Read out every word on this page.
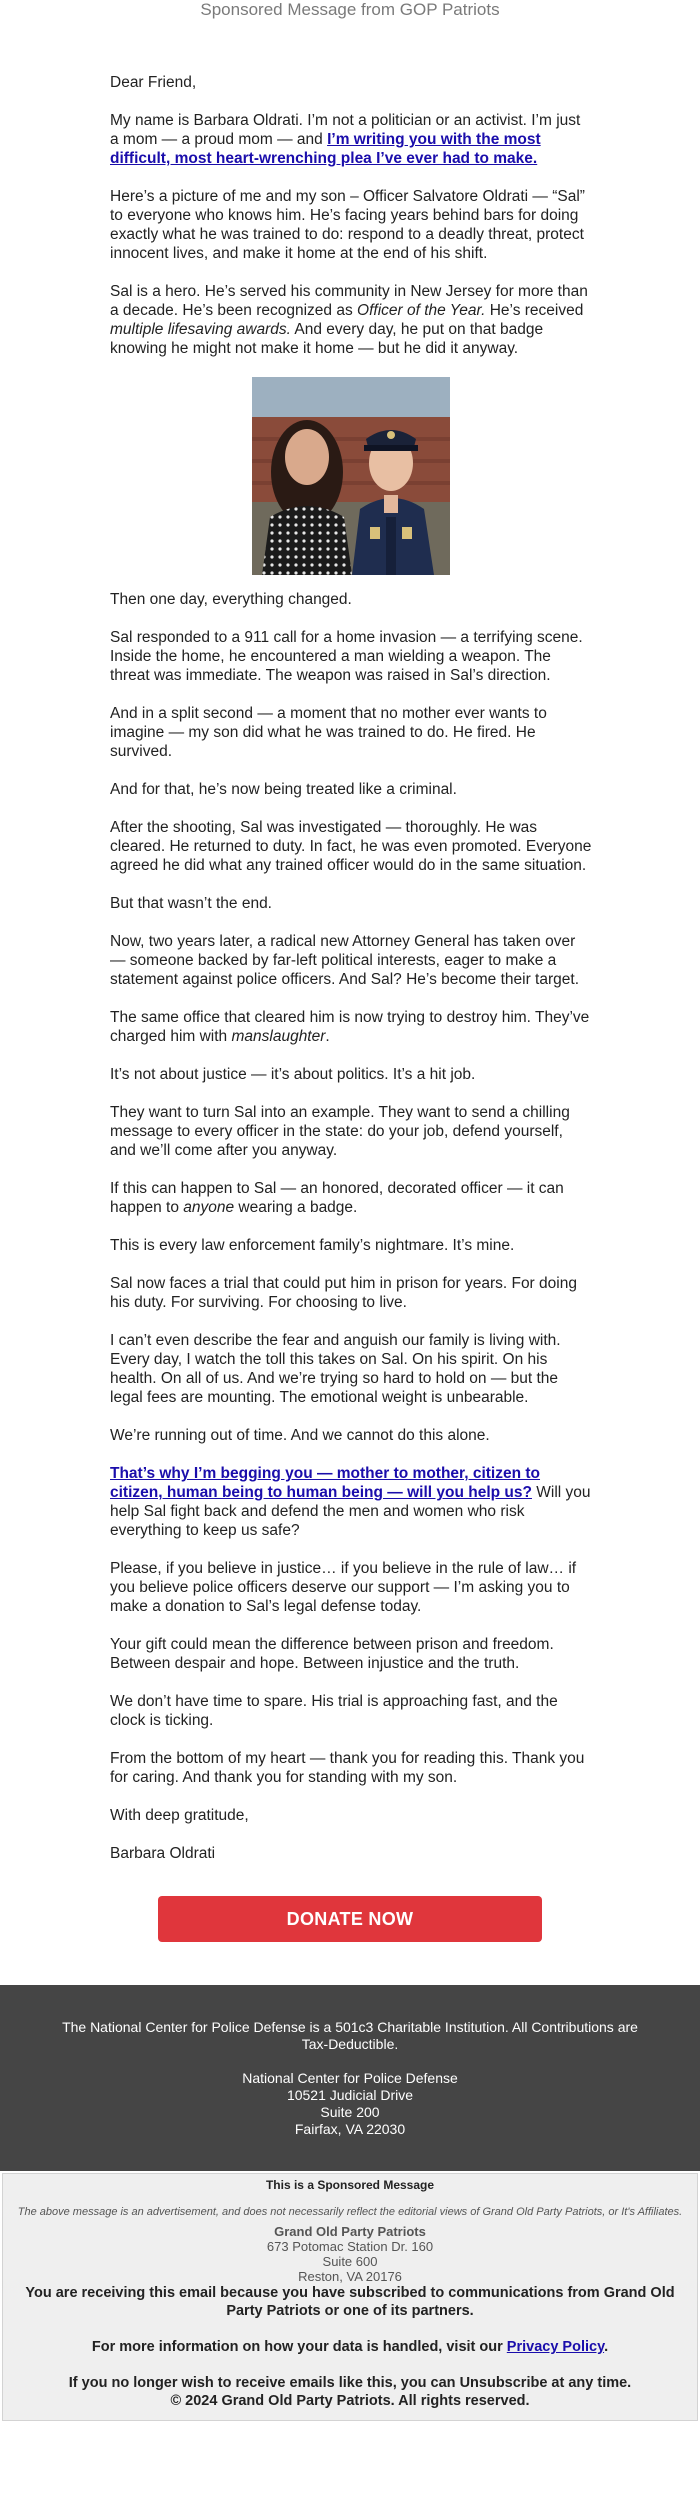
Sponsored Message from GOP Patriots

Dear Friend,

My name is Barbara Oldrati. I’m not a politician or an activist. I’m just a mom — a proud mom — and I’m writing you with the most difficult, most heart-wrenching plea I’ve ever had to make.

Here’s a picture of me and my son – Officer Salvatore Oldrati — “Sal” to everyone who knows him. He’s facing years behind bars for doing exactly what he was trained to do: respond to a deadly threat, protect innocent lives, and make it home at the end of his shift.

Sal is a hero. He’s served his community in New Jersey for more than a decade. He’s been recognized as Officer of the Year. He’s received multiple lifesaving awards. And every day, he put on that badge knowing he might not make it home — but he did it anyway.

Then one day, everything changed.

Sal responded to a 911 call for a home invasion — a terrifying scene. Inside the home, he encountered a man wielding a weapon. The threat was immediate. The weapon was raised in Sal’s direction.

And in a split second — a moment that no mother ever wants to imagine — my son did what he was trained to do. He fired. He survived.

And for that, he’s now being treated like a criminal.

After the shooting, Sal was investigated — thoroughly. He was cleared. He returned to duty. In fact, he was even promoted. Everyone agreed he did what any trained officer would do in the same situation.

But that wasn’t the end.

Now, two years later, a radical new Attorney General has taken over — someone backed by far-left political interests, eager to make a statement against police officers. And Sal? He’s become their target.

The same office that cleared him is now trying to destroy him. They’ve charged him with manslaughter.

It’s not about justice — it’s about politics. It’s a hit job.

They want to turn Sal into an example. They want to send a chilling message to every officer in the state: do your job, defend yourself, and we’ll come after you anyway.

If this can happen to Sal — an honored, decorated officer — it can happen to anyone wearing a badge.

This is every law enforcement family’s nightmare. It’s mine.

Sal now faces a trial that could put him in prison for years. For doing his duty. For surviving. For choosing to live.

I can’t even describe the fear and anguish our family is living with. Every day, I watch the toll this takes on Sal. On his spirit. On his health. On all of us. And we’re trying so hard to hold on — but the legal fees are mounting. The emotional weight is unbearable.

We’re running out of time. And we cannot do this alone.

That’s why I’m begging you — mother to mother, citizen to citizen, human being to human being — will you help us? Will you help Sal fight back and defend the men and women who risk everything to keep us safe?

Please, if you believe in justice… if you believe in the rule of law… if you believe police officers deserve our support — I’m asking you to make a donation to Sal’s legal defense today.

Your gift could mean the difference between prison and freedom. Between despair and hope. Between injustice and the truth.

We don’t have time to spare. His trial is approaching fast, and the clock is ticking.

From the bottom of my heart — thank you for reading this. Thank you for caring. And thank you for standing with my son.

With deep gratitude,

Barbara Oldrati

DONATE NOW
The National Center for Police Defense is a 501c3 Charitable Institution. All Contributions are Tax-Deductible.

National Center for Police Defense

10521 Judicial Drive

Suite 200

Fairfax, VA 22030

This is a Sponsored Message
The above message is an advertisement, and does not necessarily reflect the editorial views of Grand Old Party Patriots, or It's Affiliates.
Grand Old Party Patriots
673 Potomac Station Dr. 160
Suite 600
Reston, VA 20176

You are receiving this email because you have subscribed to communications from Grand Old Party Patriots or one of its partners.

For more information on how your data is handled, visit our Privacy Policy.

If you no longer wish to receive emails like this, you can Unsubscribe at any time.

© 2024 Grand Old Party Patriots. All rights reserved.
